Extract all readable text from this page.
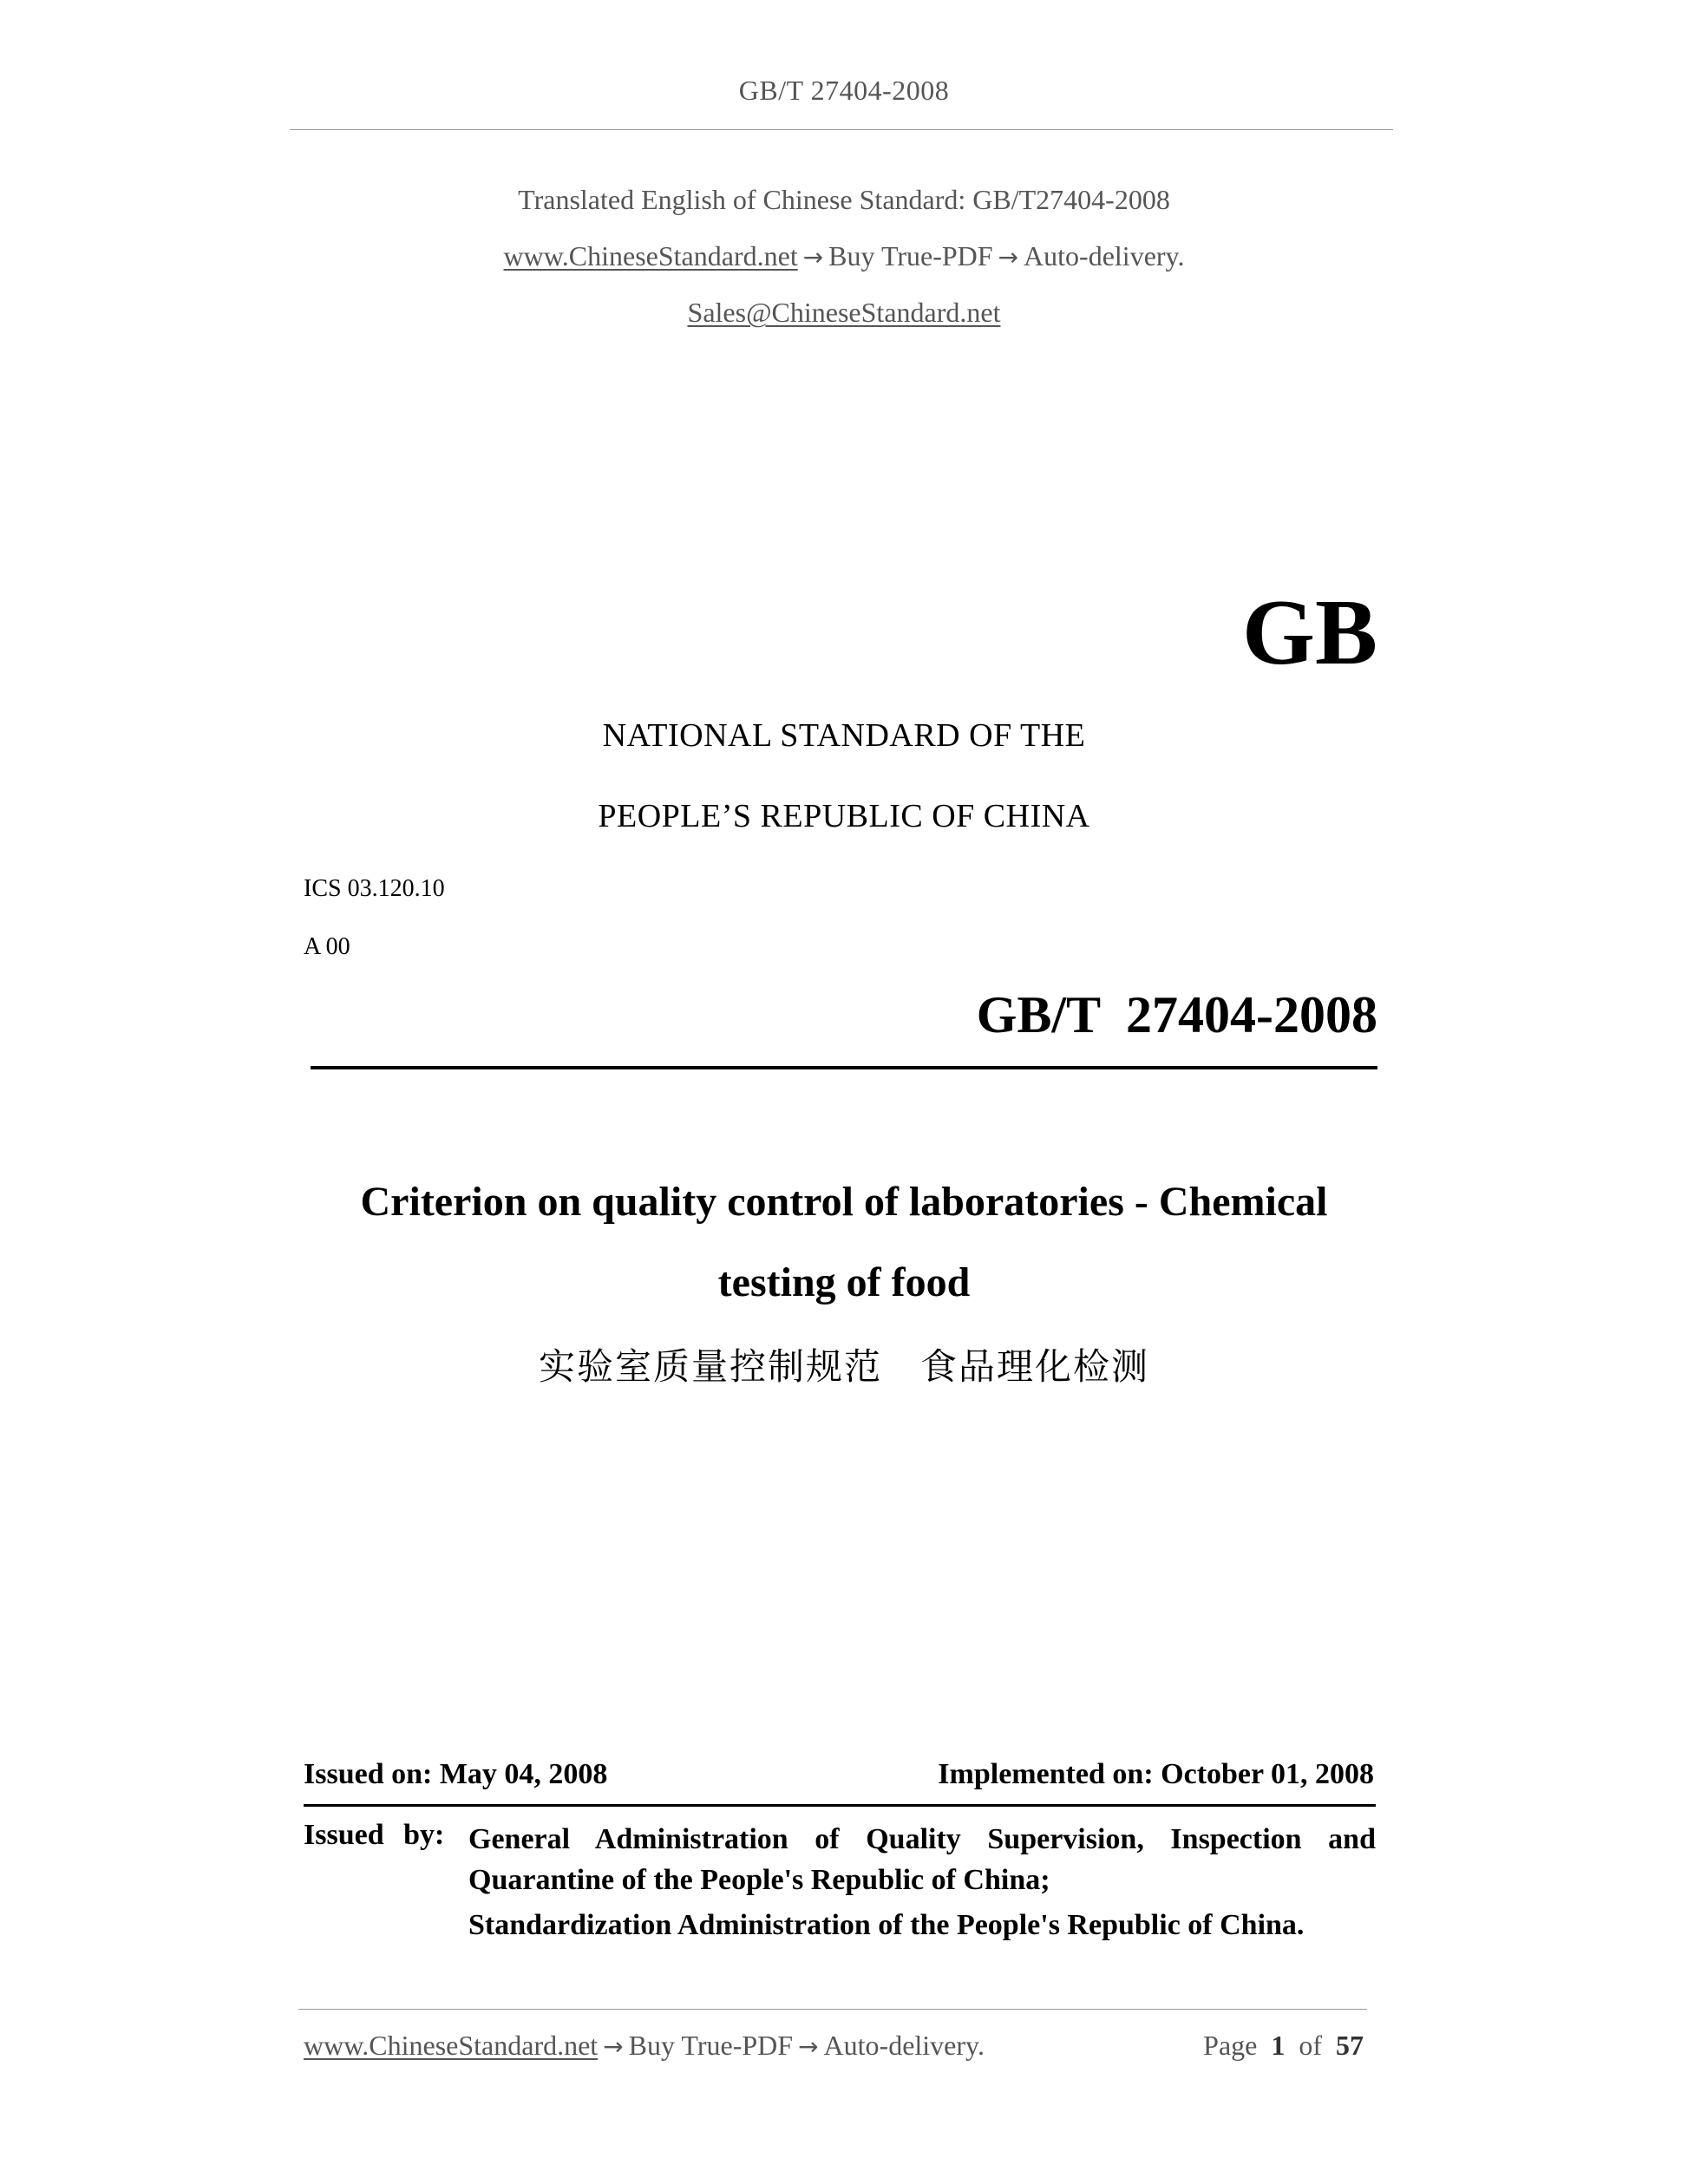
GB/T 27404-2008
Translated English of Chinese Standard: GB/T27404-2008
www.ChineseStandard.net → Buy True-PDF → Auto-delivery.
Sales@ChineseStandard.net
GB
NATIONAL STANDARD OF THE
PEOPLE’S REPUBLIC OF CHINA
ICS 03.120.10
A 00
GB/T  27404-2008
Criterion on quality control of laboratories - Chemical
testing of food
实验室质量控制规范　食品理化检测
Issued on: May 04, 2008	Implemented on: October 01, 2008
Issued by: General Administration of Quality Supervision, Inspection and Quarantine of the People's Republic of China;
Standardization Administration of the People's Republic of China.
www.ChineseStandard.net → Buy True-PDF → Auto-delivery.	Page 1 of 57
